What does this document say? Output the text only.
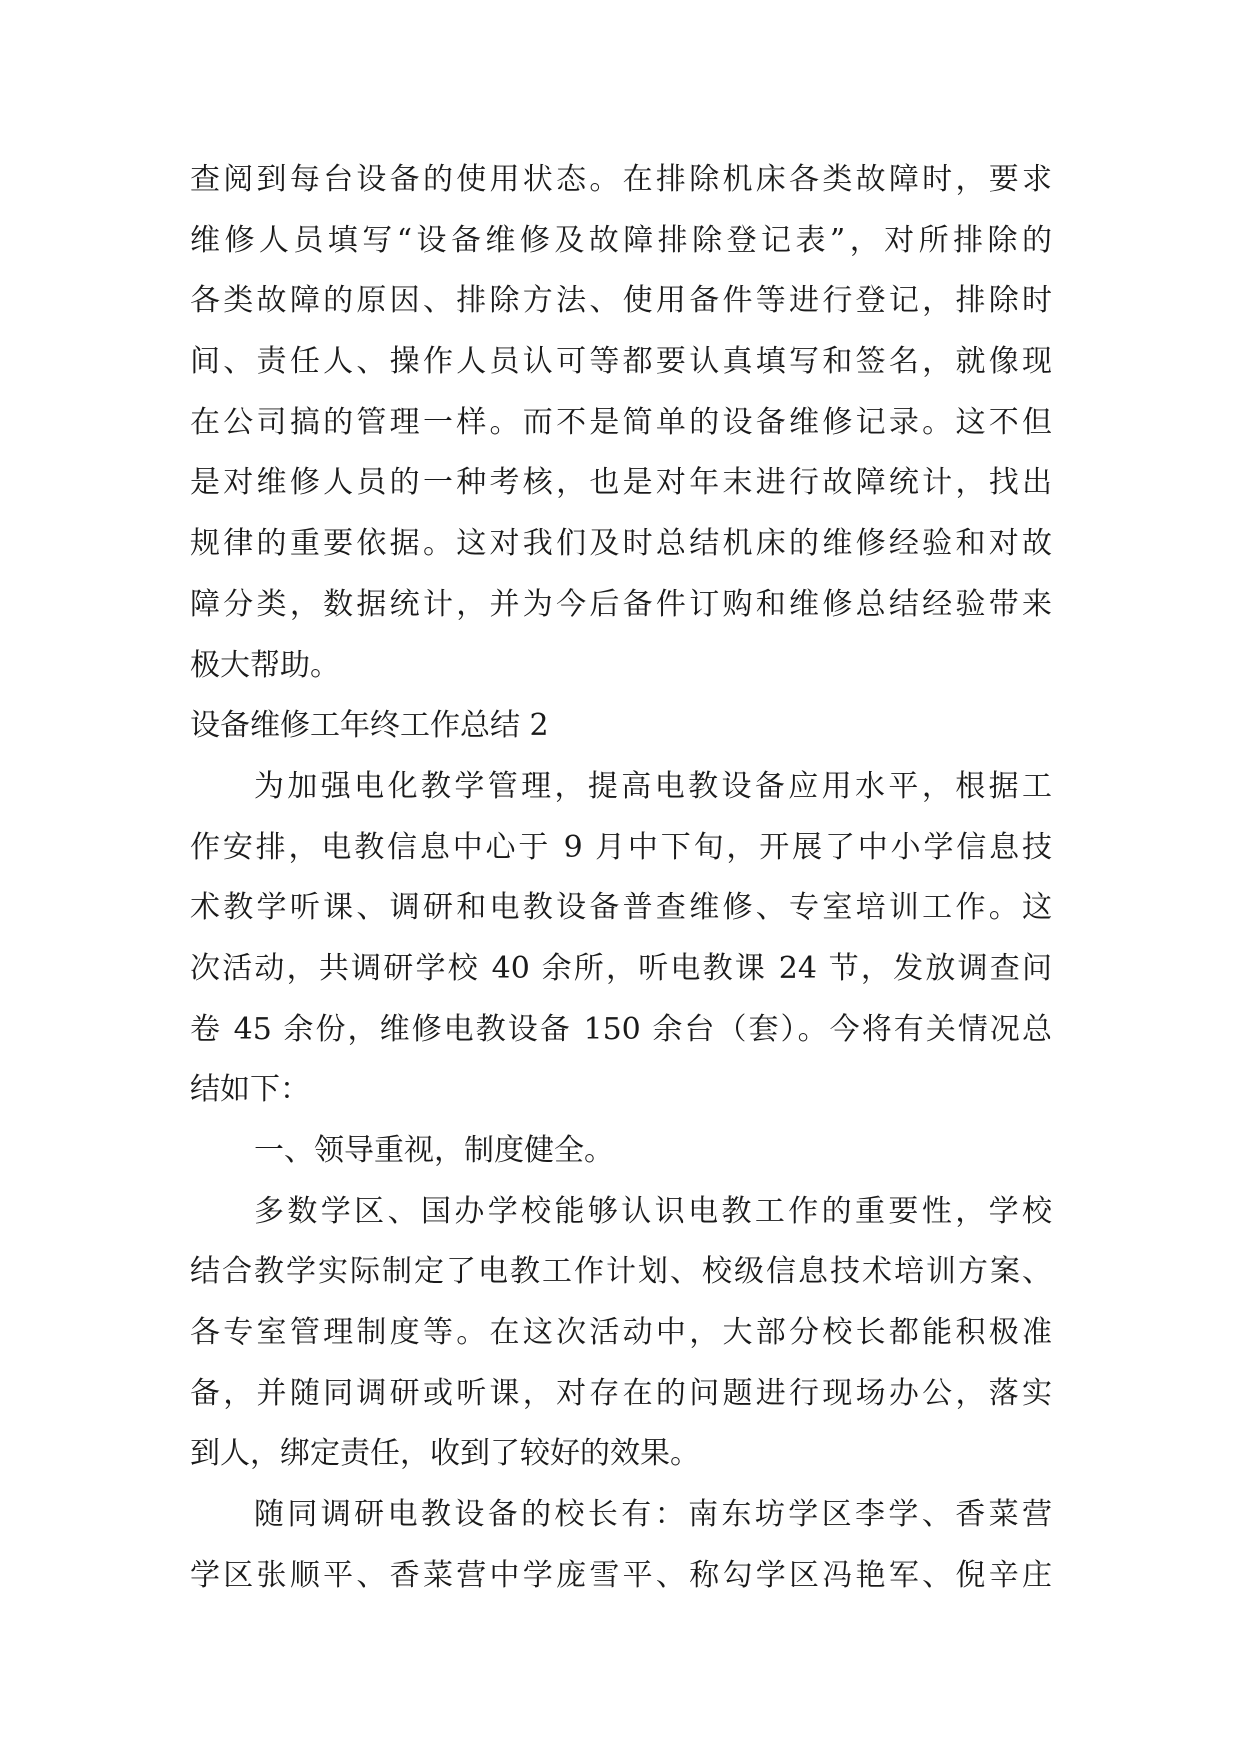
查阅到每台设备的使用状态。在排除机床各类故障时，要求
维修人员填写“设备维修及故障排除登记表”，对所排除的
各类故障的原因、排除方法、使用备件等进行登记，排除时
间、责任人、操作人员认可等都要认真填写和签名，就像现
在公司搞的管理一样。而不是简单的设备维修记录。这不但
是对维修人员的一种考核，也是对年末进行故障统计，找出
规律的重要依据。这对我们及时总结机床的维修经验和对故
障分类，数据统计，并为今后备件订购和维修总结经验带来
极大帮助。
设备维修工年终工作总结 2
为加强电化教学管理，提高电教设备应用水平，根据工
作安排，电教信息中心于 9 月中下旬，开展了中小学信息技
术教学听课、调研和电教设备普查维修、专室培训工作。这
次活动，共调研学校 40 余所，听电教课 24 节，发放调查问
卷 45 余份，维修电教设备 150 余台（套）。今将有关情况总
结如下：
一、领导重视，制度健全。
多数学区、国办学校能够认识电教工作的重要性，学校
结合教学实际制定了电教工作计划、校级信息技术培训方案、
各专室管理制度等。在这次活动中，大部分校长都能积极准
备，并随同调研或听课，对存在的问题进行现场办公，落实
到人，绑定责任，收到了较好的效果。
随同调研电教设备的校长有：南东坊学区李学、香菜营
学区张顺平、香菜营中学庞雪平、称勾学区冯艳军、倪辛庄
